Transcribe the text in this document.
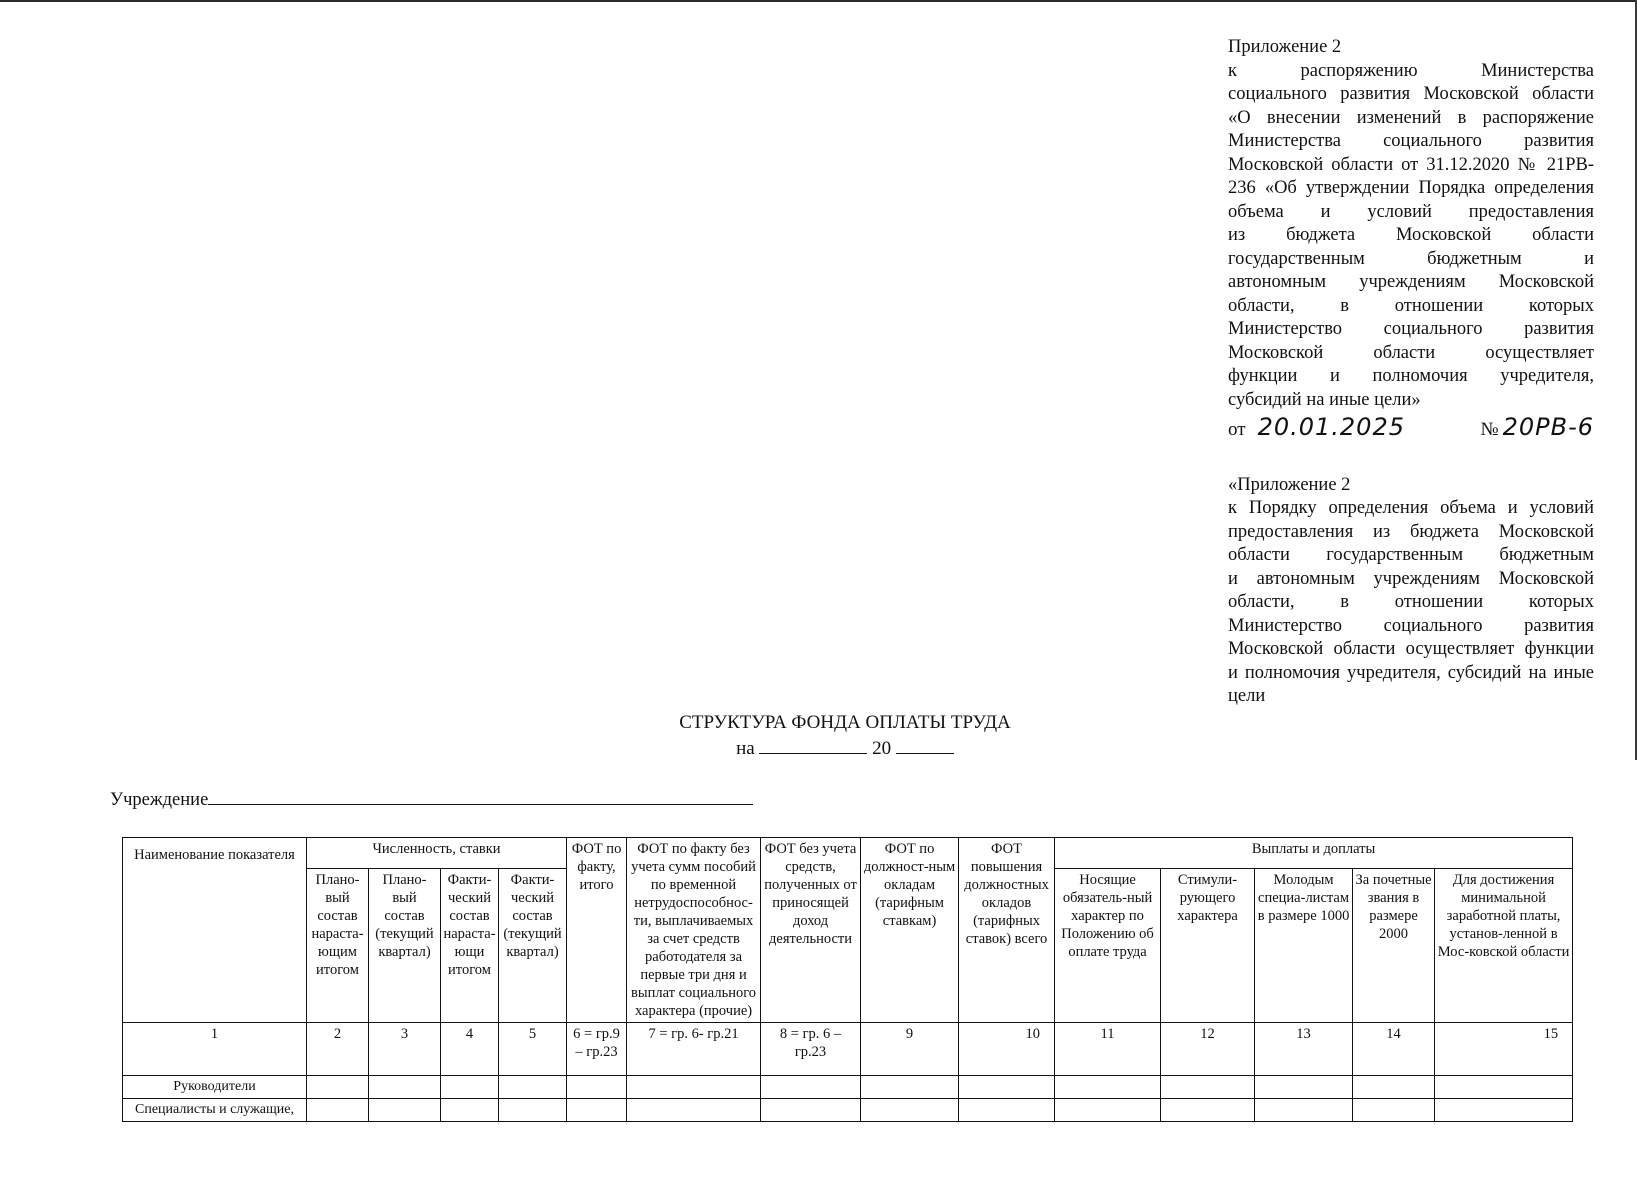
Приложение 2

к распоряжению Министерства

социального развития Московской области

«О внесении изменений в распоряжение

Министерства социального развития

Московской области от 31.12.2020 № 21РВ-

236 «Об утверждении Порядка определения

объема и условий предоставления

из бюджета Московской области

государственным бюджетным и

автономным учреждениям Московской

области, в отношении которых

Министерство социального развития

Московской области осуществляет

функции и полномочия учредителя,

субсидий на иные цели»

от 20.01.2025	№ 20РВ-6

«Приложение 2

к Порядку определения объема и условий

предоставления из бюджета Московской

области государственным бюджетным

и автономным учреждениям Московской

области, в отношении которых

Министерство социального развития

Московской области осуществляет функции

и полномочия учредителя, субсидий на иные

цели

СТРУКТУРА ФОНДА ОПЛАТЫ ТРУДА
на	20
Учреждение
Наименование показателя	Численность, ставки				ФОТ по факту, итого	ФОТ по факту без учета сумм пособий по временной нетрудоспособнос-ти, выплачиваемых за счет средств работодателя за первые три дня и выплат социального характера (прочие)	ФОТ без учета средств, полученных от приносящей доход деятельности	ФОТ по должност-ным окладам (тарифным ставкам)	ФОТ повышения должностных окладов (тарифных ставок) всего	Выплаты и доплаты				
	Плано-вый состав нараста-ющим итогом	Плано-вый состав (текущий квартал)	Факти-ческий состав нараста-ющи итогом	Факти-ческий состав (текущий квартал)						Носящие обязатель-ный характер по Положению об оплате труда	Стимули-рующего характера	Молодым специа-листам в размере 1000	За почетные звания в размере 2000	Для достижения минимальной заработной платы, установ-ленной в Мос-ковской области
1	2	3	4	5	6 = гр.9 – гр.23	7 = гр. 6- гр.21	8 = гр. 6 – гр.23	9	10	11	12	13	14	15
Руководители														
Специалисты и служащие,														
